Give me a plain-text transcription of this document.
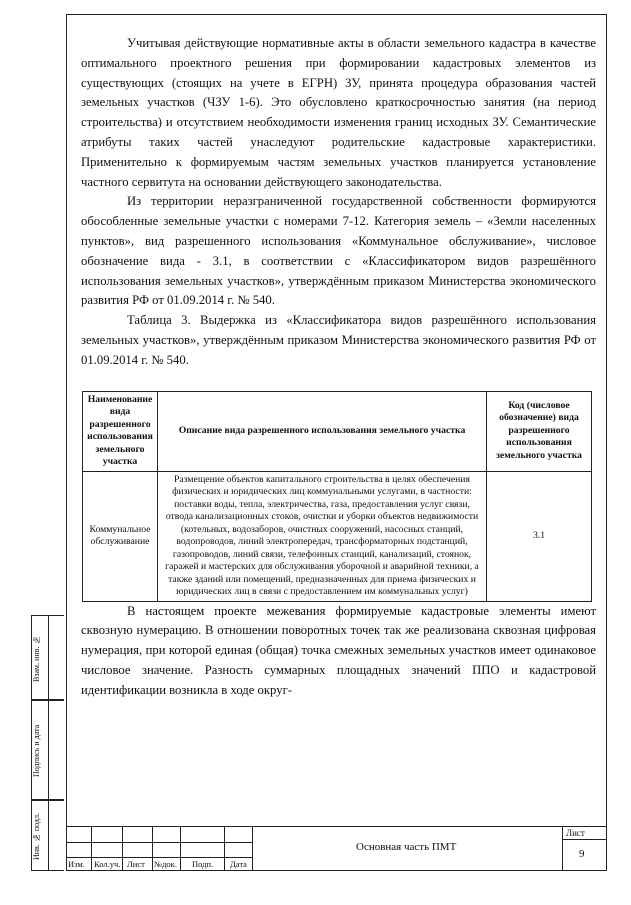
Учитывая действующие нормативные акты в области земельного кадастра в качестве оптимального проектного решения при формировании кадастровых элементов из существующих (стоящих на учете в ЕГРН) ЗУ, принята процедура образования частей земельных участков (ЧЗУ 1-6). Это обусловлено краткосрочностью занятия (на период строительства) и отсутствием необходимости изменения границ исходных ЗУ. Семантические атрибуты таких частей унаследуют родительские кадастровые характеристики. Применительно к формируемым частям земельных участков планируется установление частного сервитута на основании действующего законодательства.

Из территории неразграниченной государственной собственности формируются обособленные земельные участки с номерами 7-12. Категория земель – «Земли населенных пунктов», вид разрешенного использования «Коммунальное обслуживание», числовое обозначение вида - 3.1, в соответствии с «Классификатором видов разрешённого использования земельных участков», утверждённым приказом Министерства экономического развития РФ от 01.09.2014 г. № 540.

Таблица 3. Выдержка из «Классификатора видов разрешённого использования земельных участков», утверждённым приказом Министерства экономического развития РФ от 01.09.2014 г. № 540.

Наименование вида разрешенного использования земельного участка	Описание вида разрешенного использования земельного участка	Код (числовое обозначение) вида разрешенного использования земельного участка
Коммунальное обслуживание	Размещение объектов капитального строительства в целях обеспечения физических и юридических лиц коммунальными услугами, в частности: поставки воды, тепла, электричества, газа, предоставления услуг связи, отвода канализационных стоков, очистки и уборки объектов недвижимости (котельных, водозаборов, очистных сооружений, насосных станций, водопроводов, линий электропередач, трансформаторных подстанций, газопроводов, линий связи, телефонных станций, канализаций, стоянок, гаражей и мастерских для обслуживания уборочной и аварийной техники, а также зданий или помещений, предназначенных для приема физических и юридических лиц в связи с предоставлением им коммунальных услуг)	3.1

В настоящем проекте межевания формируемые кадастровые элементы имеют сквозную нумерацию. В отношении поворотных точек так же реализована сквозная цифровая нумерация, при которой единая (общая) точка смежных земельных участков имеет одинаковое числовое значение. Разность суммарных площадных значений ППО и кадастровой идентификации возникла в ходе округ-

Взам. инв. №
Подпись и дата
Инв. № подл.
Изм. Кол.уч. Лист №док. Подп. Дата
Основная часть ПМТ
Лист
9
